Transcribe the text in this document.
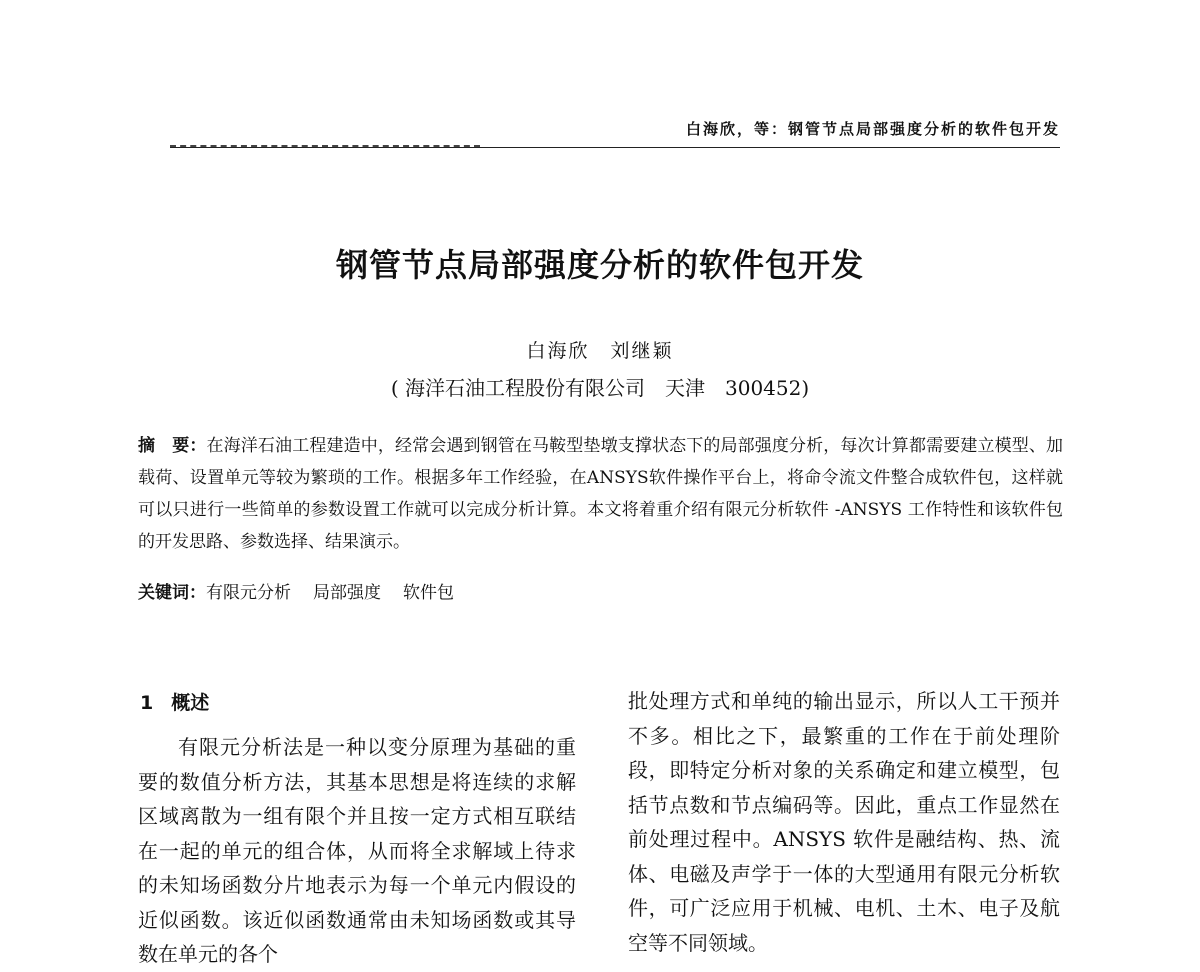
白海欣，等：钢管节点局部强度分析的软件包开发
钢管节点局部强度分析的软件包开发
白海欣　刘继颖
( 海洋石油工程股份有限公司　天津　300452)
摘　要：在海洋石油工程建造中，经常会遇到钢管在马鞍型垫墩支撑状态下的局部强度分析，每次计算都需要建立模型、加载荷、设置单元等较为繁琐的工作。根据多年工作经验，在ANSYS软件操作平台上，将命令流文件整合成软件包，这样就可以只进行一些简单的参数设置工作就可以完成分析计算。本文将着重介绍有限元分析软件 -ANSYS 工作特性和该软件包的开发思路、参数选择、结果演示。
关键词：有限元分析 局部强度 软件包
1 概述
有限元分析法是一种以变分原理为基础的重要的数值分析方法，其基本思想是将连续的求解区域离散为一组有限个并且按一定方式相互联结在一起的单元的组合体，从而将全求解域上待求的未知场函数分片地表示为每一个单元内假设的近似函数。该近似函数通常由未知场函数或其导数在单元的各个
批处理方式和单纯的输出显示，所以人工干预并不多。相比之下，最繁重的工作在于前处理阶段，即特定分析对象的关系确定和建立模型，包括节点数和节点编码等。因此，重点工作显然在前处理过程中。ANSYS 软件是融结构、热、流体、电磁及声学于一体的大型通用有限元分析软件，可广泛应用于机械、电机、土木、电子及航空等不同领域。
